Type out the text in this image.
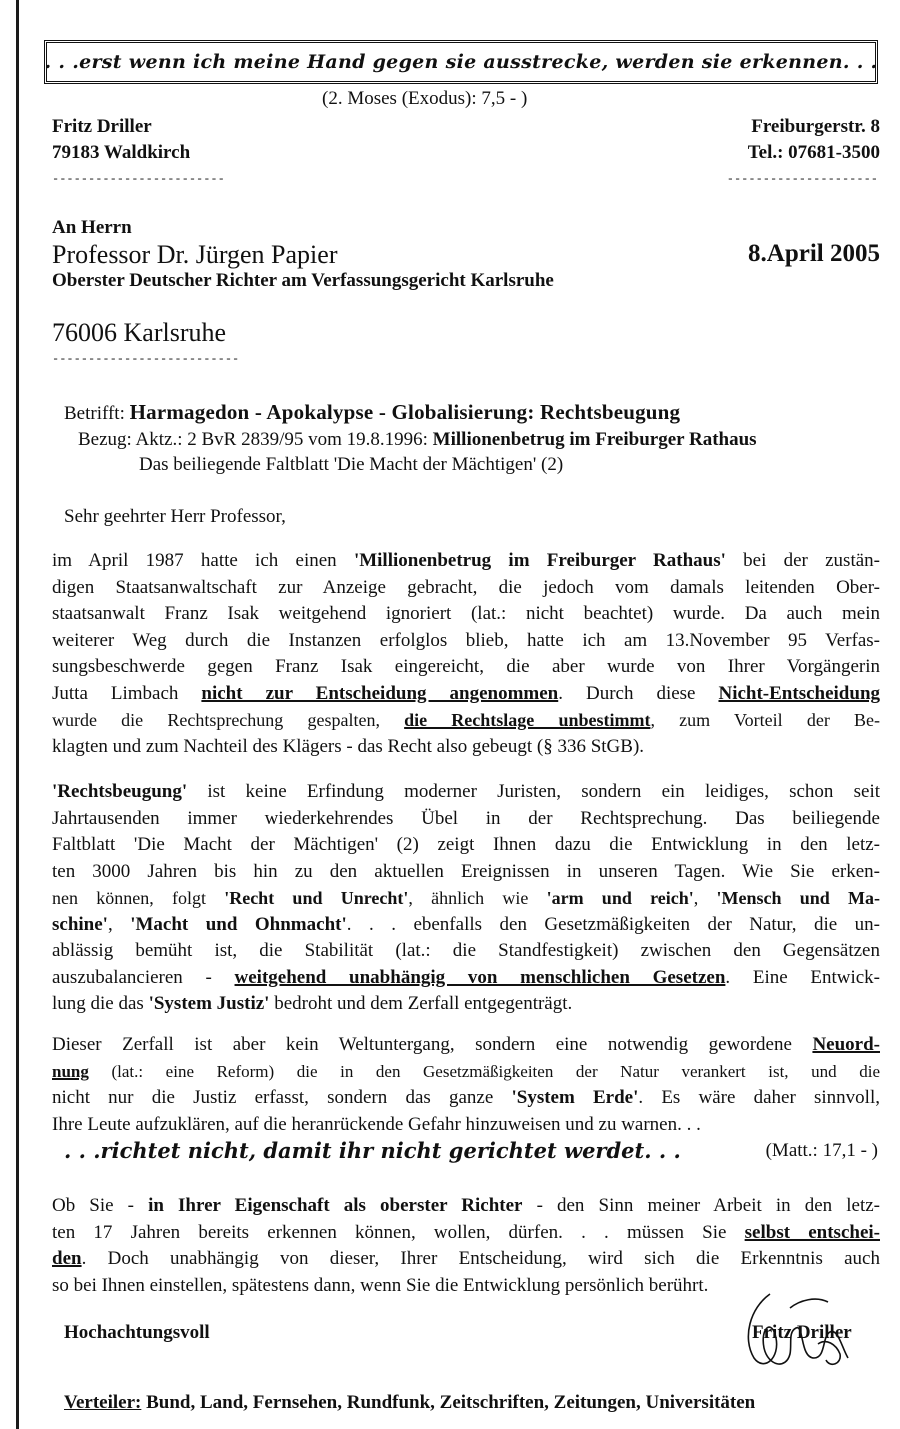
. . .erst wenn ich meine Hand gegen sie ausstrecke, werden sie erkennen. . .
(2. Moses (Exodus): 7,5 - )
Fritz Driller
79183 Waldkirch
------------------------
Freiburgerstr. 8
Tel.: 07681-3500
---------------------
An Herrn
Professor Dr. Jürgen Papier
Oberster Deutscher Richter am Verfassungsgericht Karlsruhe
76006 Karlsruhe
--------------------------
8.April 2005
Betrifft: Harmagedon - Apokalypse - Globalisierung: Rechtsbeugung
Bezug: Aktz.: 2 BvR 2839/95 vom 19.8.1996: Millionenbetrug im Freiburger Rathaus
Das beiliegende Faltblatt 'Die Macht der Mächtigen' (2)
Sehr geehrter Herr Professor,
im April 1987 hatte ich einen 'Millionenbetrug im Freiburger Rathaus' bei der zustän-
digen Staatsanwaltschaft zur Anzeige gebracht, die jedoch vom damals leitenden Ober-
staatsanwalt Franz Isak weitgehend ignoriert (lat.: nicht beachtet) wurde. Da auch mein
weiterer Weg durch die Instanzen erfolglos blieb, hatte ich am 13.November 95 Verfas-
sungsbeschwerde gegen Franz Isak eingereicht, die aber wurde von Ihrer Vorgängerin
Jutta Limbach nicht zur Entscheidung angenommen. Durch diese Nicht-Entscheidung
wurde die Rechtsprechung gespalten, die Rechtslage unbestimmt, zum Vorteil der Be-
klagten und zum Nachteil des Klägers - das Recht also gebeugt (§ 336 StGB).
'Rechtsbeugung' ist keine Erfindung moderner Juristen, sondern ein leidiges, schon seit
Jahrtausenden immer wiederkehrendes Übel in der Rechtsprechung. Das beiliegende
Faltblatt 'Die Macht der Mächtigen' (2) zeigt Ihnen dazu die Entwicklung in den letz-
ten 3000 Jahren bis hin zu den aktuellen Ereignissen in unseren Tagen. Wie Sie erken-
nen können, folgt 'Recht und Unrecht', ähnlich wie 'arm und reich', 'Mensch und Ma-
schine', 'Macht und Ohnmacht'. . . ebenfalls den Gesetzmäßigkeiten der Natur, die un-
ablässig bemüht ist, die Stabilität (lat.: die Standfestigkeit) zwischen den Gegensätzen
auszubalancieren - weitgehend unabhängig von menschlichen Gesetzen. Eine Entwick-
lung die das 'System Justiz' bedroht und dem Zerfall entgegenträgt.
Dieser Zerfall ist aber kein Weltuntergang, sondern eine notwendig gewordene Neuord-
nung (lat.: eine Reform) die in den Gesetzmäßigkeiten der Natur verankert ist, und die
nicht nur die Justiz erfasst, sondern das ganze 'System Erde'. Es wäre daher sinnvoll,
Ihre Leute aufzuklären, auf die heranrückende Gefahr hinzuweisen und zu warnen. . .
. . .richtet nicht, damit ihr nicht gerichtet werdet. . .	(Matt.: 17,1 - )
Ob Sie - in Ihrer Eigenschaft als oberster Richter - den Sinn meiner Arbeit in den letz-
ten 17 Jahren bereits erkennen können, wollen, dürfen. . . müssen Sie selbst entschei-
den. Doch unabhängig von dieser, Ihrer Entscheidung, wird sich die Erkenntnis auch
so bei Ihnen einstellen, spätestens dann, wenn Sie die Entwicklung persönlich berührt.
Hochachtungsvoll	Fritz Driller
Verteiler: Bund, Land, Fernsehen, Rundfunk, Zeitschriften, Zeitungen, Universitäten
